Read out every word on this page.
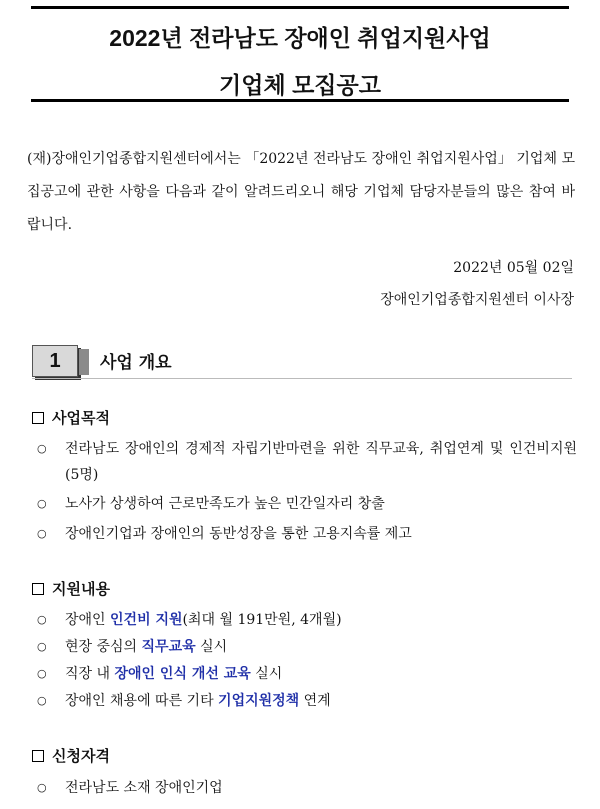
2022년 전라남도 장애인 취업지원사업
기업체 모집공고
(재)장애인기업종합지원센터에서는 「2022년 전라남도 장애인 취업지원사업」 기업체 모집공고에 관한 사항을 다음과 같이 알려드리오니 해당 기업체 담당자분들의 많은 참여 바랍니다.
2022년 05월 02일
장애인기업종합지원센터 이사장
1	사업 개요
사업목적
○	전라남도 장애인의 경제적 자립기반마련을 위한 직무교육, 취업연계 및 인건비지원(5명)
○	노사가 상생하여 근로만족도가 높은 민간일자리 창출
○	장애인기업과 장애인의 동반성장을 통한 고용지속률 제고
지원내용
○	장애인 인건비 지원(최대 월 191만원, 4개월)
○	현장 중심의 직무교육 실시
○	직장 내 장애인 인식 개선 교육 실시
○	장애인 채용에 따른 기타 기업지원정책 연계
신청자격
○	전라남도 소재 장애인기업
